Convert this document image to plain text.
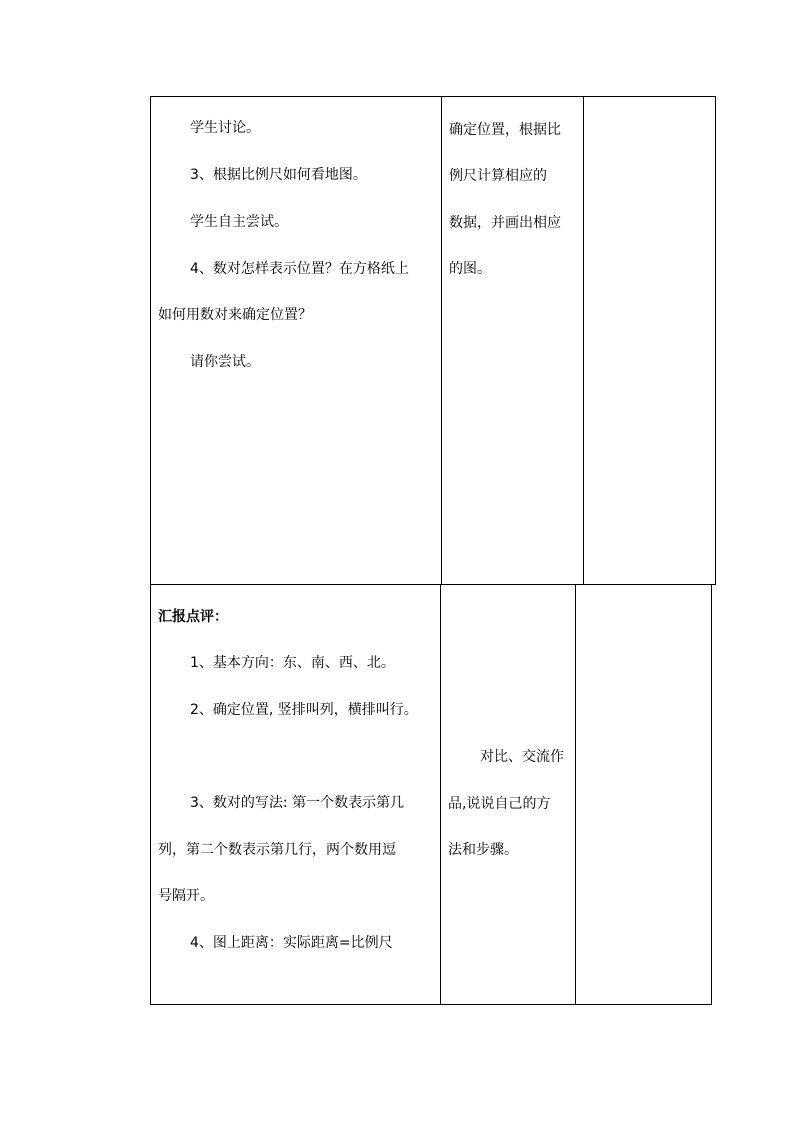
学生讨论。
3、根据比例尺如何看地图。
学生自主尝试。
4、数对怎样表示位置？在方格纸上
如何用数对来确定位置？
请你尝试。
确定位置，根据比
例尺计算相应的
数据，并画出相应
的图。
汇报点评：
1、基本方向：东、南、西、北。
2、确定位置, 竖排叫列，横排叫行。
3、数对的写法: 第一个数表示第几
列，第二个数表示第几行，两个数用逗
号隔开。
4、图上距离：实际距离=比例尺
对比、交流作
品,说说自己的方
法和步骤。
